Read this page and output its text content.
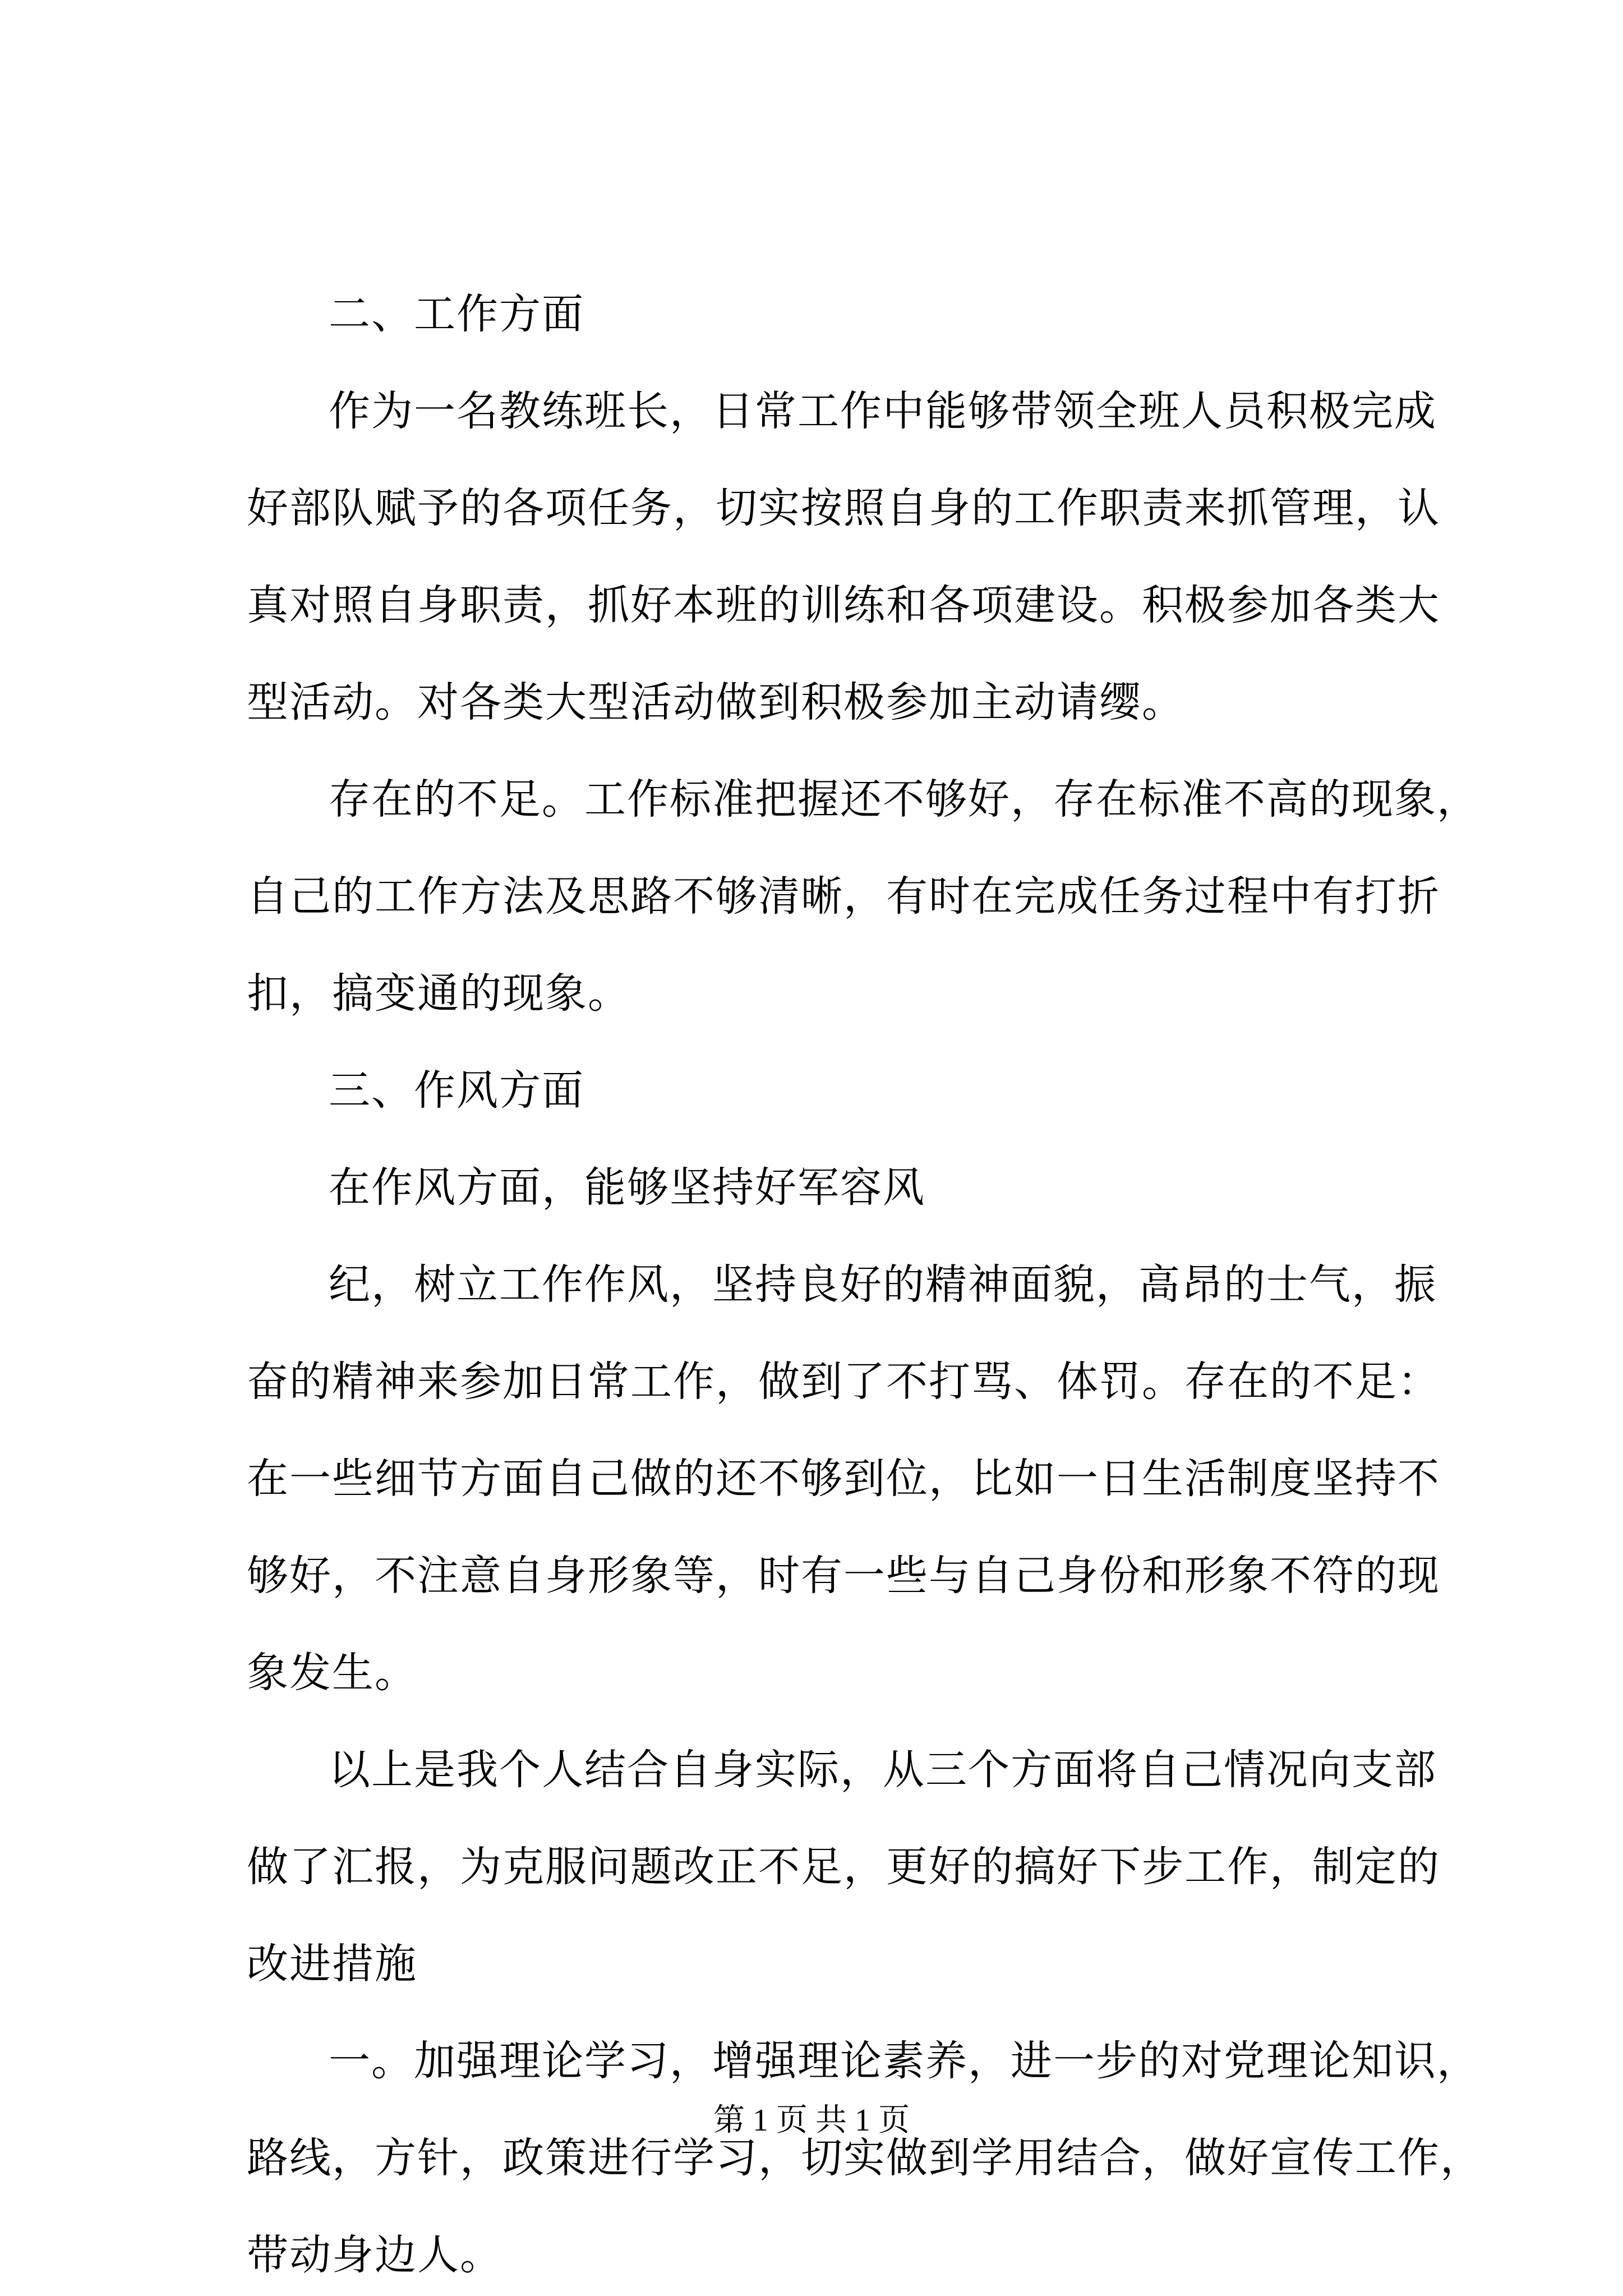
二、工作方面
作为一名教练班长，日常工作中能够带领全班人员积极完成
好部队赋予的各项任务，切实按照自身的工作职责来抓管理，认
真对照自身职责，抓好本班的训练和各项建设。积极参加各类大
型活动。对各类大型活动做到积极参加主动请缨。
存在的不足。工作标准把握还不够好，存在标准不高的现象，
自己的工作方法及思路不够清晰，有时在完成任务过程中有打折
扣，搞变通的现象。
三、作风方面
在作风方面，能够坚持好军容风
纪，树立工作作风，坚持良好的精神面貌，高昂的士气，振
奋的精神来参加日常工作，做到了不打骂、体罚。存在的不足：
在一些细节方面自己做的还不够到位，比如一日生活制度坚持不
够好，不注意自身形象等，时有一些与自己身份和形象不符的现
象发生。
以上是我个人结合自身实际，从三个方面将自己情况向支部
做了汇报，为克服问题改正不足，更好的搞好下步工作，制定的
改进措施
一。加强理论学习，增强理论素养，进一步的对党理论知识，
路线，方针，政策进行学习，切实做到学用结合，做好宣传工作，
带动身边人。
第 1 页 共 1 页
